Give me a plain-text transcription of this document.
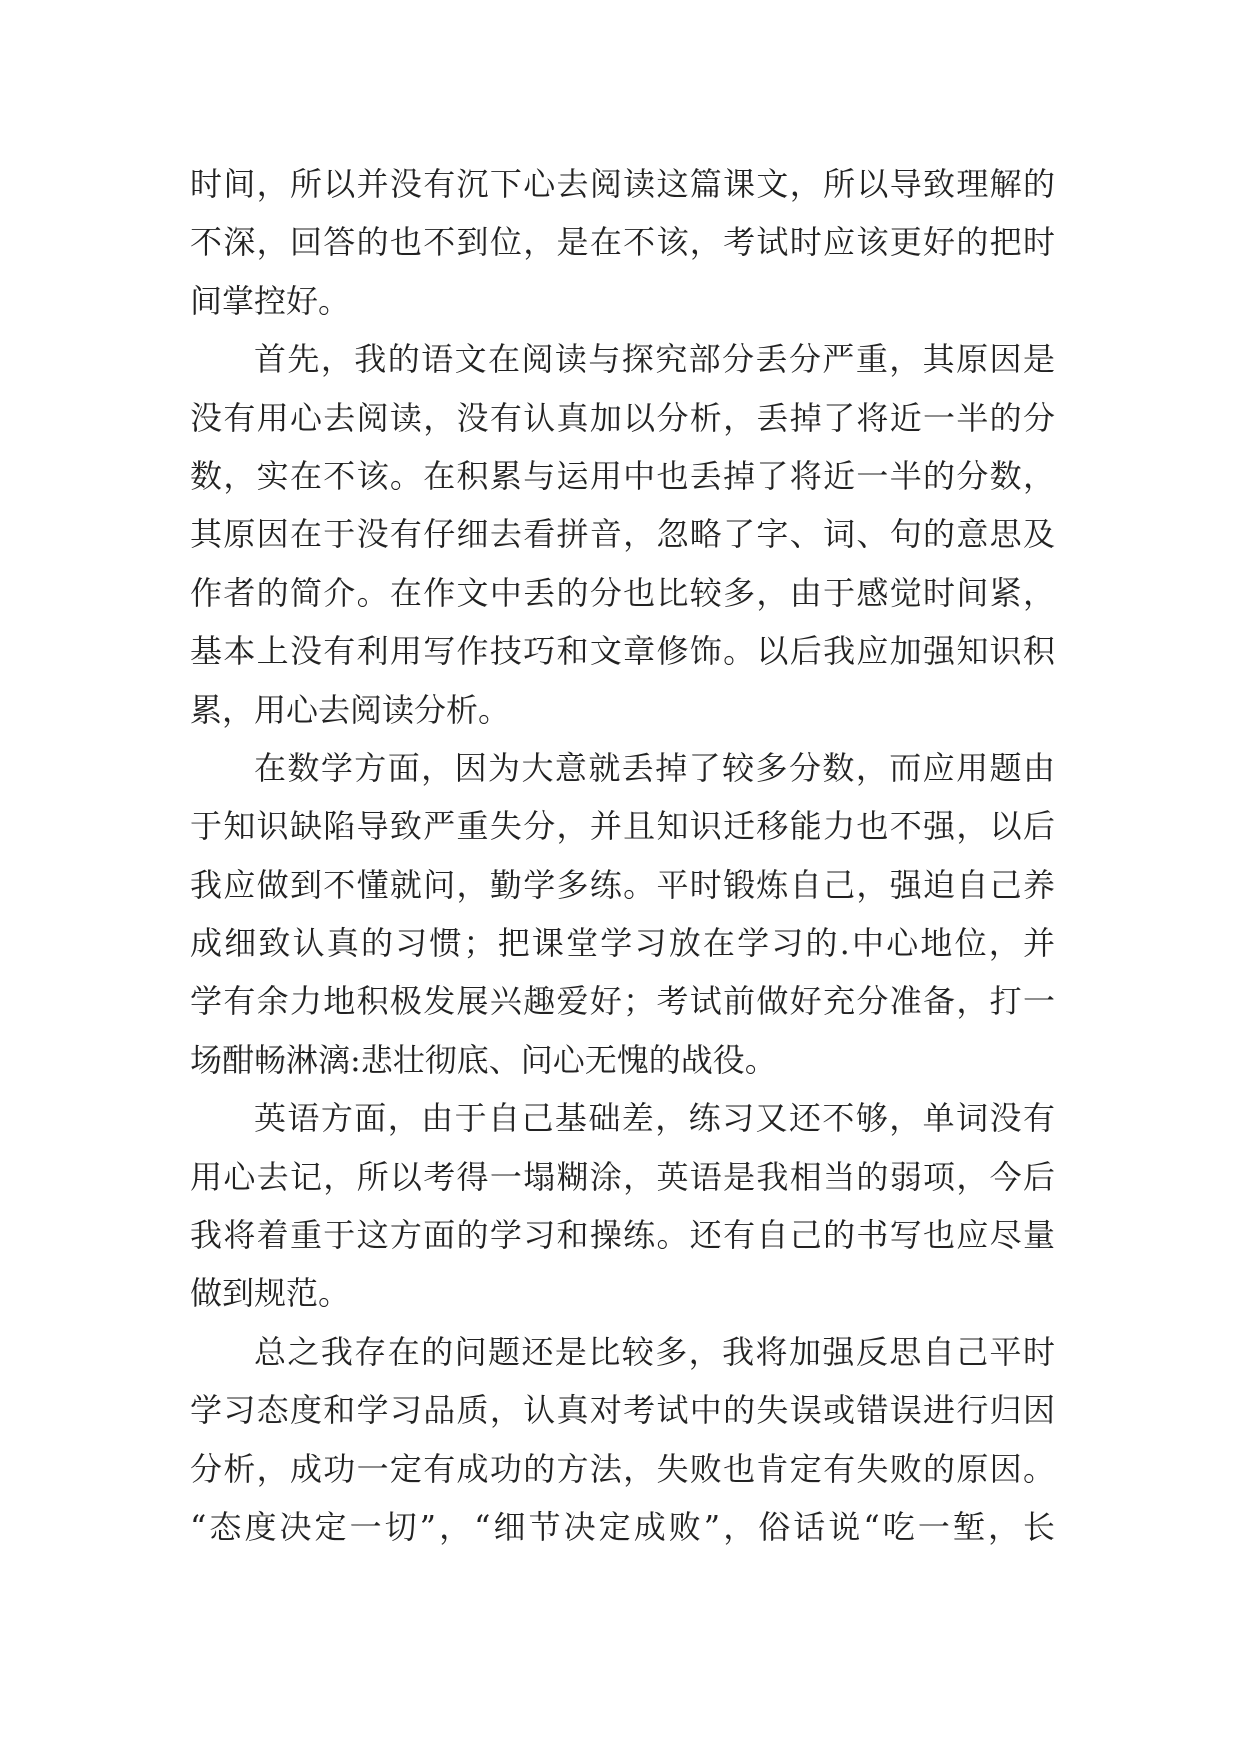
时间，所以并没有沉下心去阅读这篇课文，所以导致理解的
不深，回答的也不到位，是在不该，考试时应该更好的把时
间掌控好。
首先，我的语文在阅读与探究部分丢分严重，其原因是
没有用心去阅读，没有认真加以分析，丢掉了将近一半的分
数，实在不该。在积累与运用中也丢掉了将近一半的分数，
其原因在于没有仔细去看拼音，忽略了字、词、句的意思及
作者的简介。在作文中丢的分也比较多，由于感觉时间紧，
基本上没有利用写作技巧和文章修饰。以后我应加强知识积
累，用心去阅读分析。
在数学方面，因为大意就丢掉了较多分数，而应用题由
于知识缺陷导致严重失分，并且知识迁移能力也不强，以后
我应做到不懂就问，勤学多练。平时锻炼自己，强迫自己养
成细致认真的习惯；把课堂学习放在学习的.中心地位，并
学有余力地积极发展兴趣爱好；考试前做好充分准备，打一
场酣畅淋漓:悲壮彻底、问心无愧的战役。
英语方面，由于自己基础差，练习又还不够，单词没有
用心去记，所以考得一塌糊涂，英语是我相当的弱项，今后
我将着重于这方面的学习和操练。还有自己的书写也应尽量
做到规范。
总之我存在的问题还是比较多，我将加强反思自己平时
学习态度和学习品质，认真对考试中的失误或错误进行归因
分析，成功一定有成功的方法，失败也肯定有失败的原因。
“态度决定一切”，“细节决定成败”，俗话说“吃一堑，长
